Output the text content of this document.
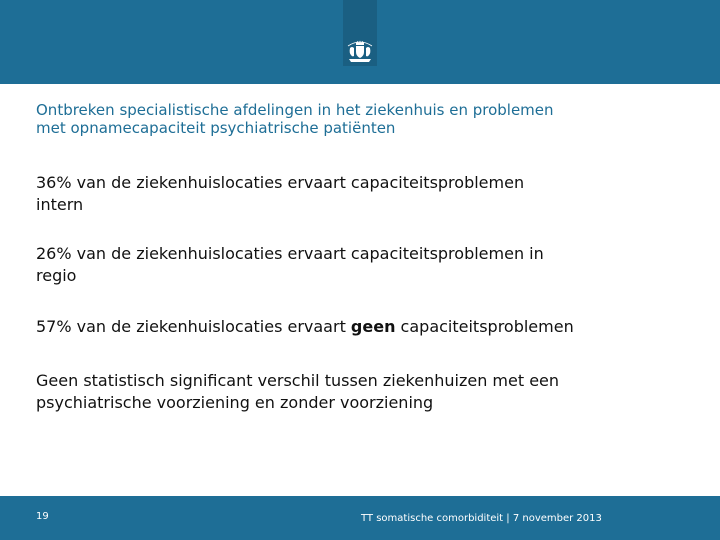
Ontbreken specialistische afdelingen in het ziekenhuis en problemen
met opnamecapaciteit psychiatrische patiënten
36% van de ziekenhuislocaties ervaart capaciteitsproblemen
intern
26% van de ziekenhuislocaties ervaart capaciteitsproblemen in
regio
57% van de ziekenhuislocaties ervaart geen capaciteitsproblemen
Geen statistisch significant verschil tussen ziekenhuizen met een
psychiatrische voorziening en zonder voorziening
19	TT somatische comorbiditeit | 7 november 2013
